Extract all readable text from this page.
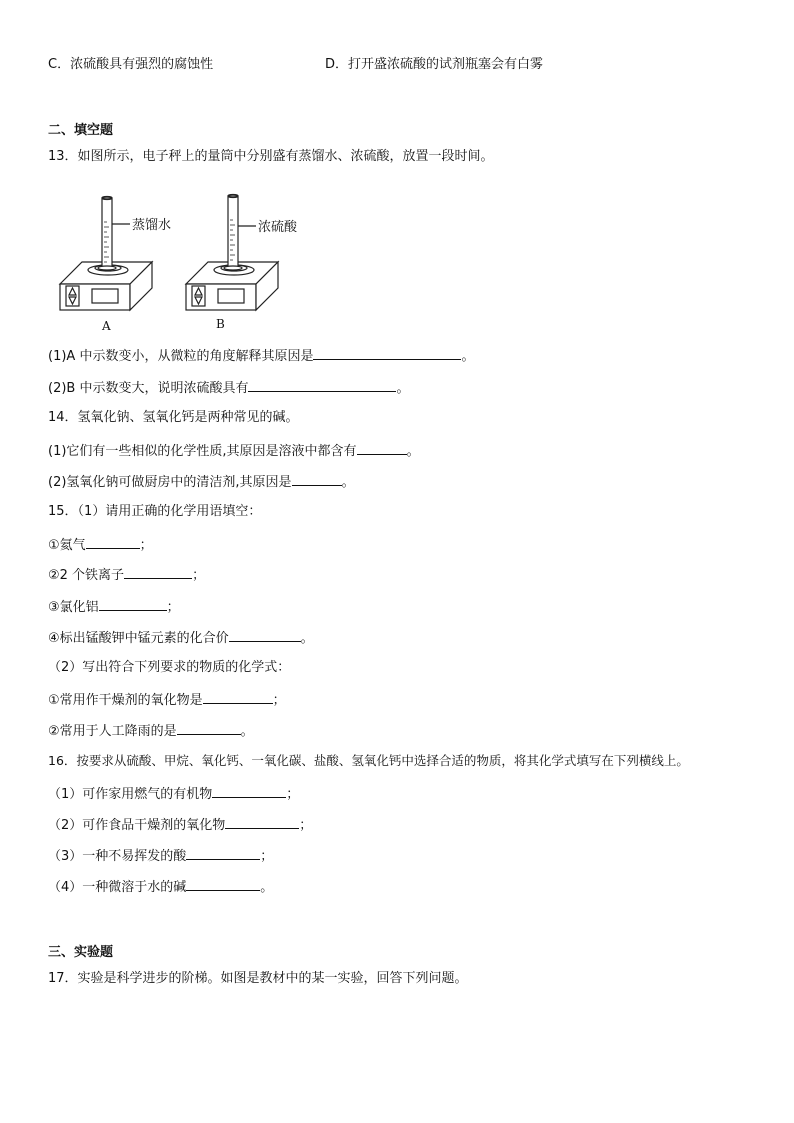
C．浓硫酸具有强烈的腐蚀性	D．打开盛浓硫酸的试剂瓶塞会有白雾
二、填空题
13．如图所示，电子秤上的量筒中分别盛有蒸馏水、浓硫酸，放置一段时间。
蒸馏水
A
浓硫酸
B
(1)A 中示数变小，从微粒的角度解释其原因是	。
(2)B 中示数变大，说明浓硫酸具有	。
14．氢氧化钠、氢氧化钙是两种常见的碱。
(1)它们有一些相似的化学性质,其原因是溶液中都含有	。
(2)氢氧化钠可做厨房中的清洁剂,其原因是	。
15．（1）请用正确的化学用语填空：
①氦气	；
②2 个铁离子	；
③氯化铝	；
④标出锰酸钾中锰元素的化合价	。
（2）写出符合下列要求的物质的化学式：
①常用作干燥剂的氧化物是	；
②常用于人工降雨的是	。
16．按要求从硫酸、甲烷、氧化钙、一氧化碳、盐酸、氢氧化钙中选择合适的物质，将其化学式填写在下列横线上。
（1）可作家用燃气的有机物	；
（2）可作食品干燥剂的氧化物	；
（3）一种不易挥发的酸	；
（4）一种微溶于水的碱	。
三、实验题
17．实验是科学进步的阶梯。如图是教材中的某一实验，回答下列问题。
